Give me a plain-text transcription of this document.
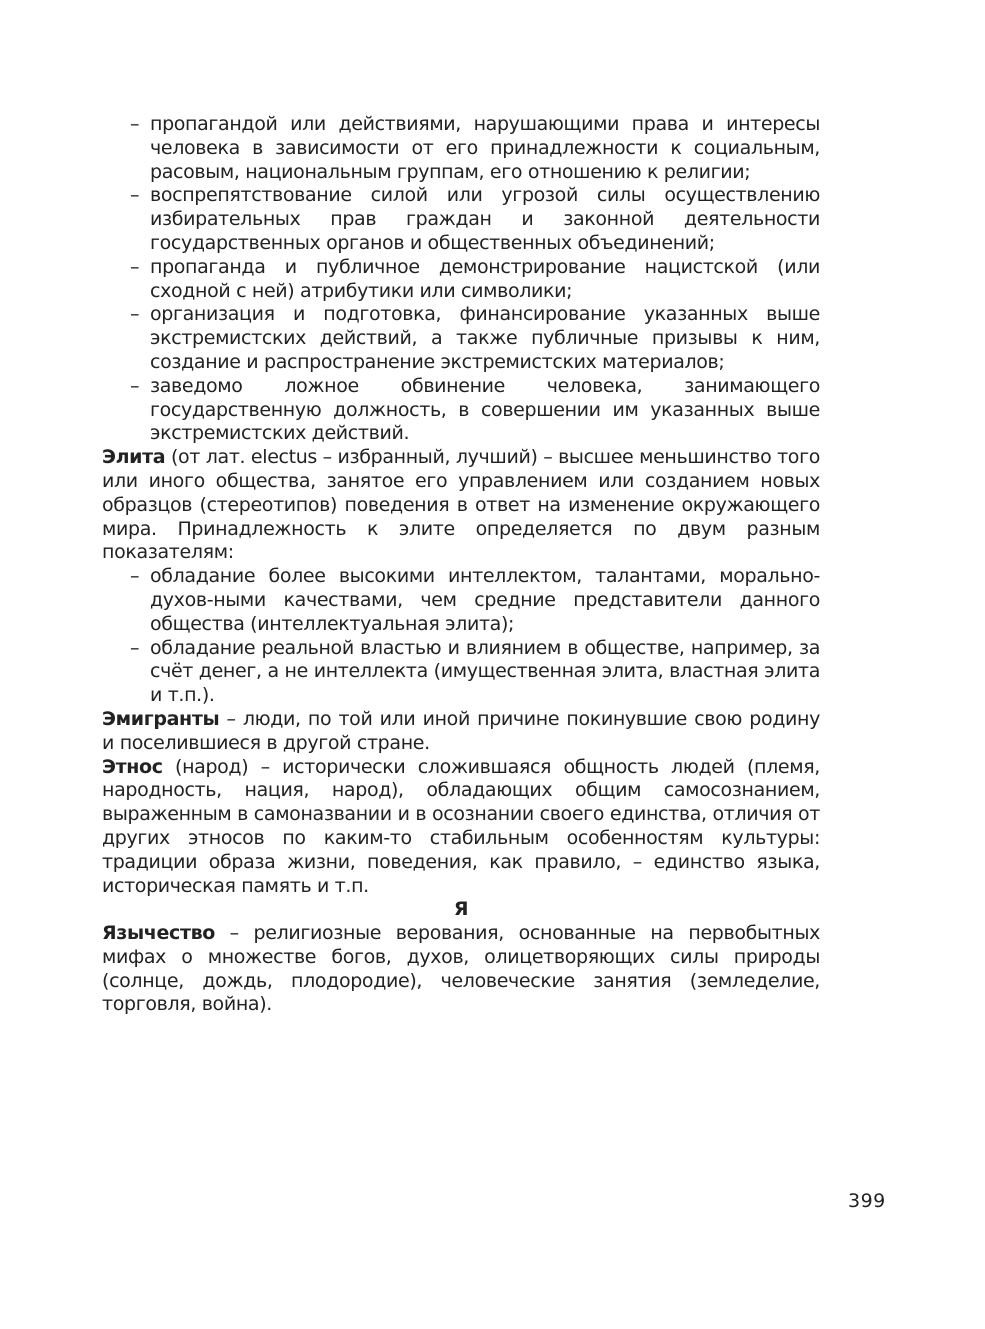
– пропагандой или действиями, нарушающими права и интересы человека в зависимости от его принадлежности к социальным, расовым, национальным группам, его отношению к религии;
– воспрепятствование силой или угрозой силы осуществлению избирательных прав граждан и законной деятельности государственных органов и общественных объединений;
– пропаганда и публичное демонстрирование нацистской (или сходной с ней) атрибутики или символики;
– организация и подготовка, финансирование указанных выше экстремистских действий, а также публичные призывы к ним, создание и распространение экстремистских материалов;
– заведомо ложное обвинение человека, занимающего государственную должность, в совершении им указанных выше экстремистских действий.

Элита (от лат. electus – избранный, лучший) – высшее меньшинство того или иного общества, занятое его управлением или созданием новых образцов (стереотипов) поведения в ответ на изменение окружающего мира. Принадлежность к элите определяется по двум разным показателям:

– обладание более высокими интеллектом, талантами, морально-духов-ными качествами, чем средние представители данного общества (интеллектуальная элита);
– обладание реальной властью и влиянием в обществе, например, за счёт денег, а не интеллекта (имущественная элита, властная элита и т.п.).

Эмигранты – люди, по той или иной причине покинувшие свою родину и поселившиеся в другой стране.

Этнос (народ) – исторически сложившаяся общность людей (племя, народность, нация, народ), обладающих общим самосознанием, выраженным в самоназвании и в осознании своего единства, отличия от других этносов по каким-то стабильным особенностям культуры: традиции образа жизни, поведения, как правило, – единство языка, историческая память и т.п.

Я

Язычество – религиозные верования, основанные на первобытных мифах о множестве богов, духов, олицетворяющих силы природы (солнце, дождь, плодородие), человеческие занятия (земледелие, торговля, война).

399
